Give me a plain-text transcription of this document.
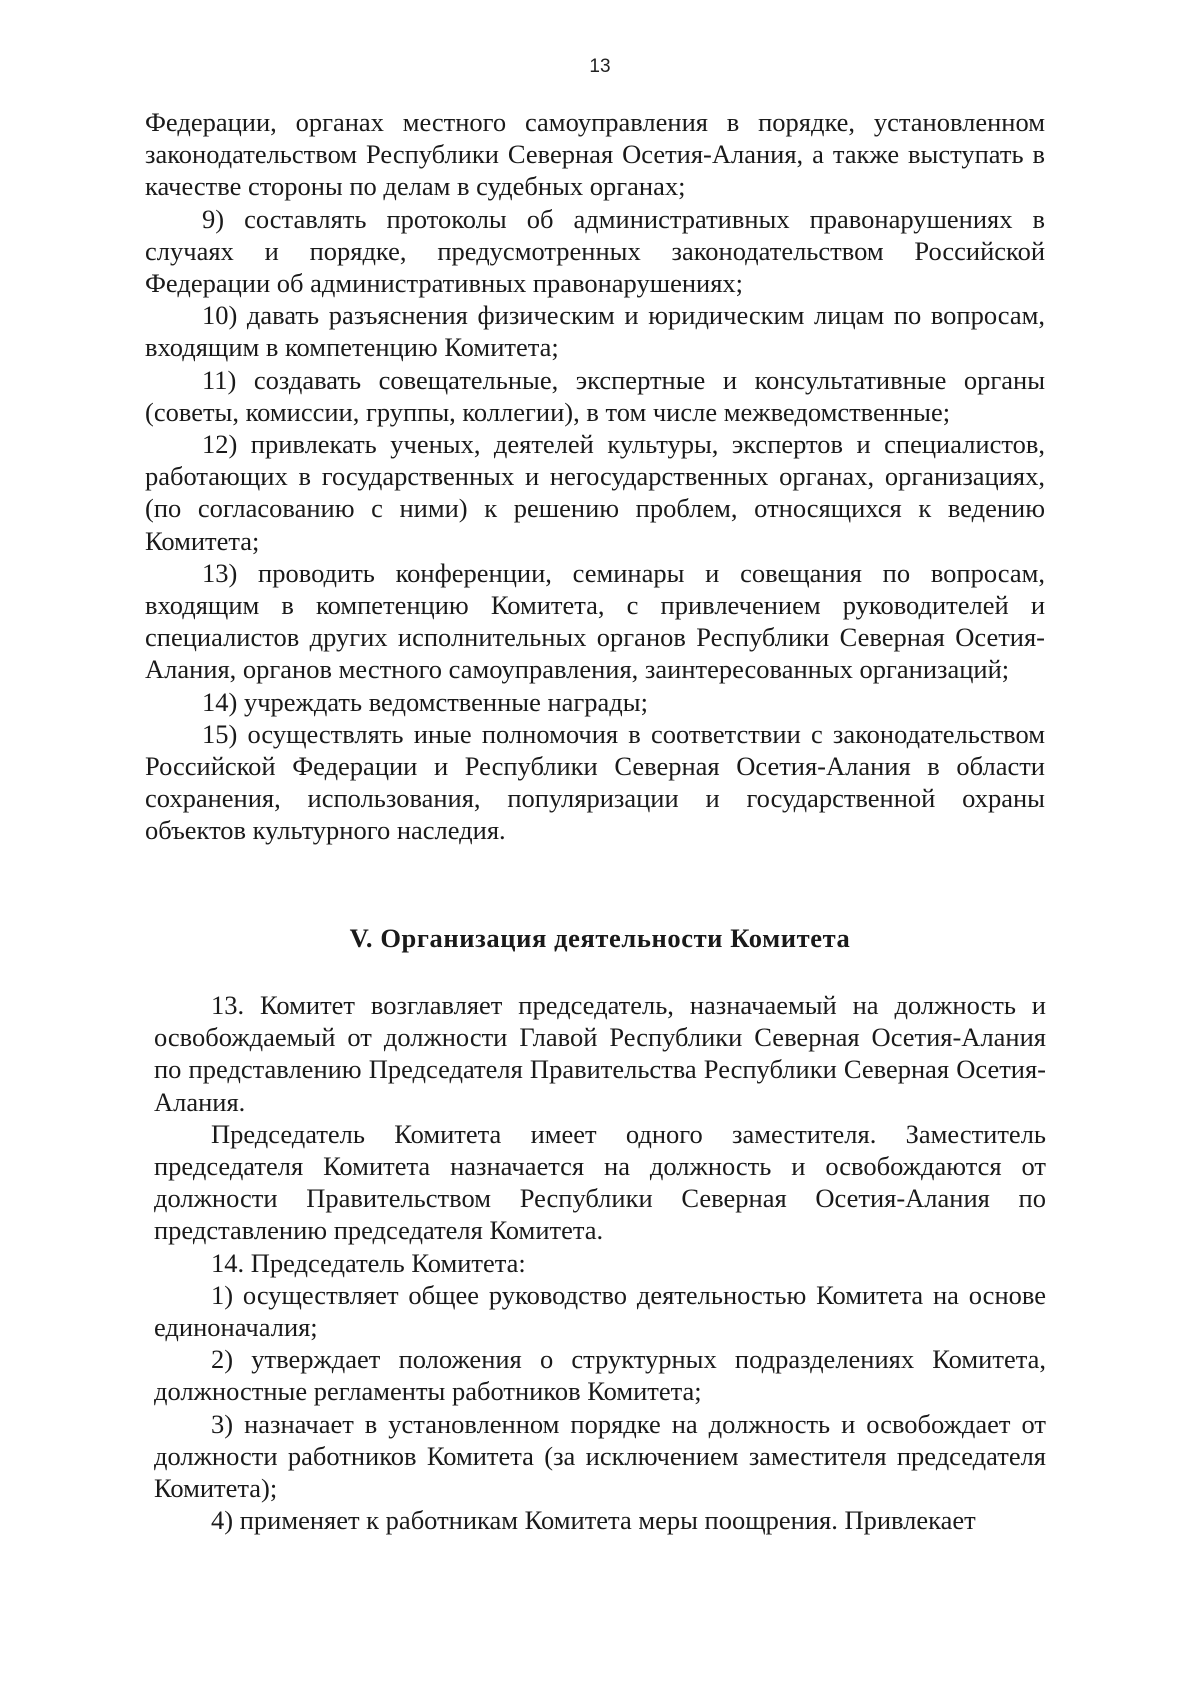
13

Федерации, органах местного самоуправления в порядке, установленном законодательством Республики Северная Осетия-Алания, а также выступать в качестве стороны по делам в судебных органах;

9) составлять протоколы об административных правонарушениях в случаях и порядке, предусмотренных законодательством Российской Федерации об административных правонарушениях;

10) давать разъяснения физическим и юридическим лицам по вопросам, входящим в компетенцию Комитета;

11) создавать совещательные, экспертные и консультативные органы (советы, комиссии, группы, коллегии), в том числе межведомственные;

12) привлекать ученых, деятелей культуры, экспертов и специалистов, работающих в государственных и негосударственных органах, организациях, (по согласованию с ними) к решению проблем, относящихся к ведению Комитета;

13) проводить конференции, семинары и совещания по вопросам, входящим в компетенцию Комитета, с привлечением руководителей и специалистов других исполнительных органов Республики Северная Осетия-Алания, органов местного самоуправления, заинтересованных организаций;

14) учреждать ведомственные награды;

15) осуществлять иные полномочия в соответствии с законодательством Российской Федерации и Республики Северная Осетия-Алания в области сохранения, использования, популяризации и государственной охраны объектов культурного наследия.

V. Организация деятельности Комитета

13. Комитет возглавляет председатель, назначаемый на должность и освобождаемый от должности Главой Республики Северная Осетия-Алания по представлению Председателя Правительства Республики Северная Осетия-Алания.

Председатель Комитета имеет одного заместителя. Заместитель председателя Комитета назначается на должность и освобождаются от должности Правительством Республики Северная Осетия-Алания по представлению председателя Комитета.

14. Председатель Комитета:

1) осуществляет общее руководство деятельностью Комитета на основе единоначалия;

2) утверждает положения о структурных подразделениях Комитета, должностные регламенты работников Комитета;

3) назначает в установленном порядке на должность и освобождает от должности работников Комитета (за исключением заместителя председателя Комитета);

4) применяет к работникам Комитета меры поощрения. Привлекает
